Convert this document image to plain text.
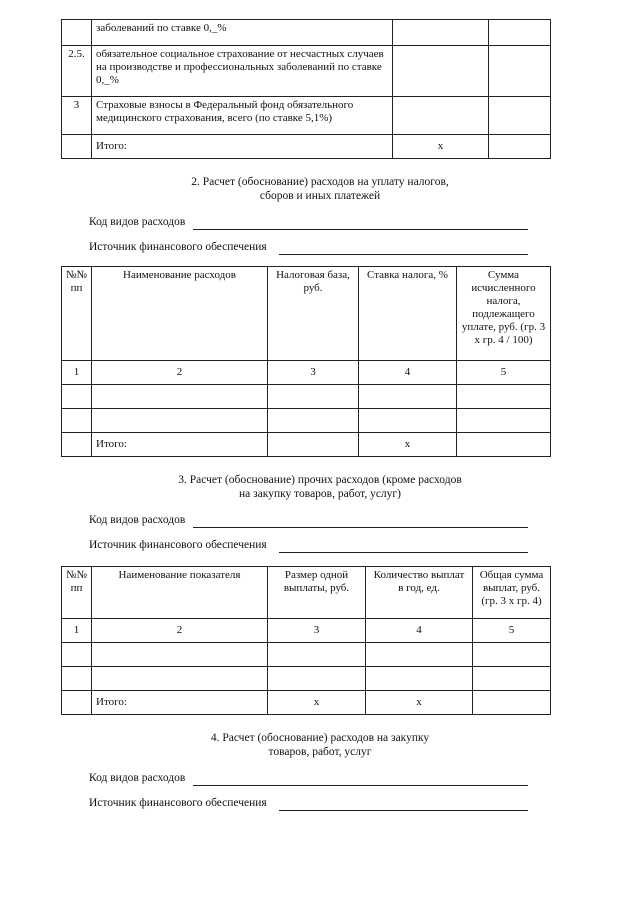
	заболеваний по ставке 0,_%		
2.5.	обязательное социальное страхование от несчастных случаев на производстве и профессиональных заболеваний по ставке 0,_%		
3	Страховые взносы в Федеральный фонд обязательного медицинского страхования, всего (по ставке 5,1%)		
	Итого:	x	
2. Расчет (обоснование) расходов на уплату налогов,
сборов и иных платежей
Код видов расходов
Источник финансового обеспечения
№№ пп	Наименование расходов	Налоговая база, руб.	Ставка налога, %	Сумма исчисленного налога, подлежащего уплате, руб. (гр. 3 x гр. 4 / 100)
1	2	3	4	5

	Итого:		x	
3. Расчет (обоснование) прочих расходов (кроме расходов
на закупку товаров, работ, услуг)
Код видов расходов
Источник финансового обеспечения
№№ пп	Наименование показателя	Размер одной выплаты, руб.	Количество выплат в год, ед.	Общая сумма выплат, руб. (гр. 3 x гр. 4)
1	2	3	4	5

	Итого:	x	x	
4. Расчет (обоснование) расходов на закупку
товаров, работ, услуг
Код видов расходов
Источник финансового обеспечения
